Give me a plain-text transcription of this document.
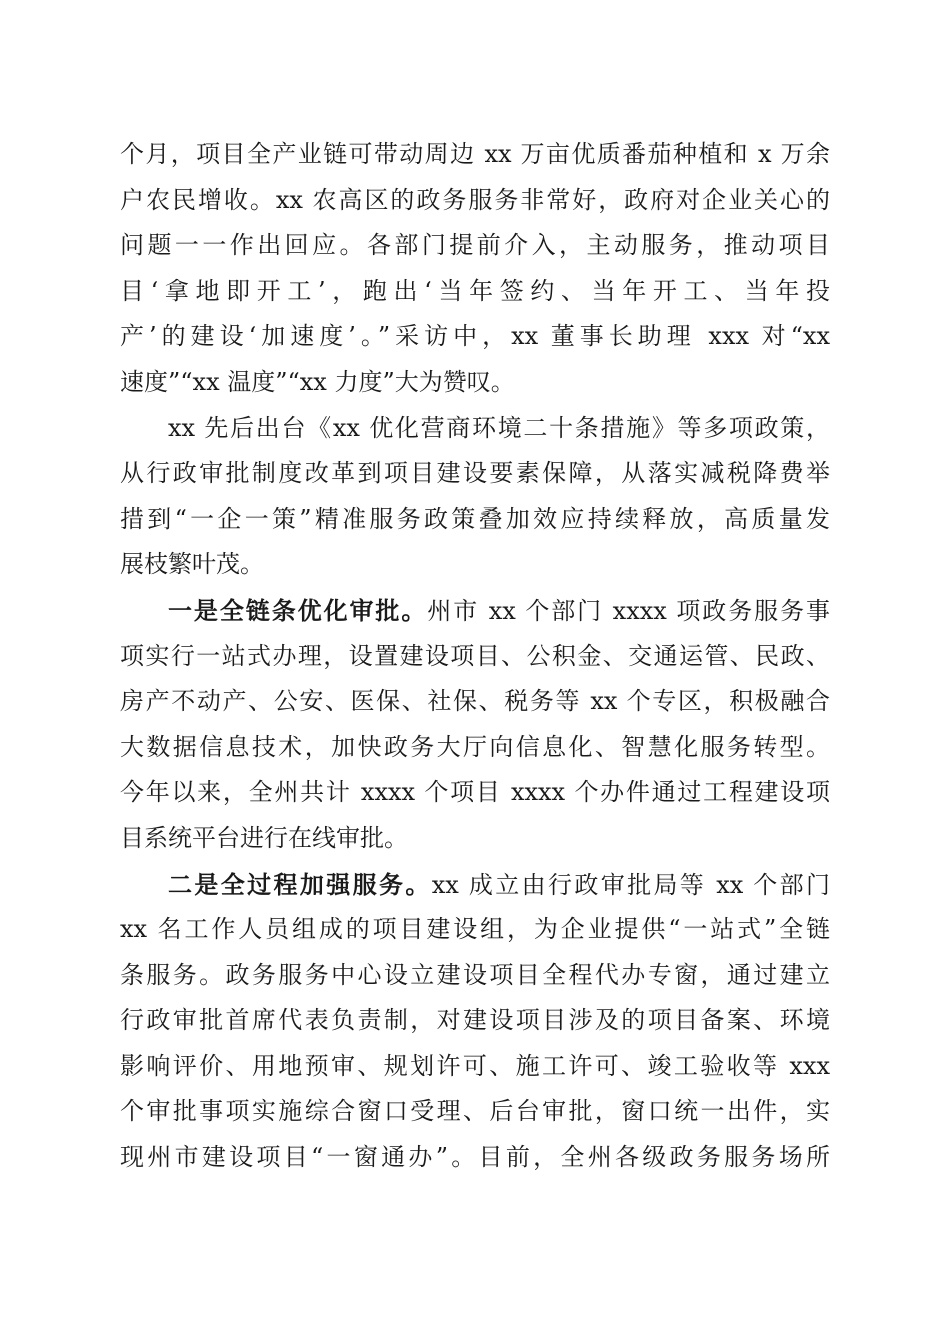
个月，项目全产业链可带动周边 xx 万亩优质番茄种植和 x 万余
户农民增收。xx 农高区的政务服务非常好，政府对企业关心的
问题一一作出回应。各部门提前介入，主动服务，推动项目
目‘拿地即开工’，跑出‘当年签约、当年开工、当年投
产’的建设‘加速度’。”采访中，xx 董事长助理 xxx 对“xx
速度”“xx 温度”“xx 力度”大为赞叹。
xx 先后出台《xx 优化营商环境二十条措施》等多项政策，
从行政审批制度改革到项目建设要素保障，从落实减税降费举
措到“一企一策”精准服务政策叠加效应持续释放，高质量发
展枝繁叶茂。
一是全链条优化审批。州市 xx 个部门 xxxx 项政务服务事
项实行一站式办理，设置建设项目、公积金、交通运管、民政、
房产不动产、公安、医保、社保、税务等 xx 个专区，积极融合
大数据信息技术，加快政务大厅向信息化、智慧化服务转型。
今年以来，全州共计 xxxx 个项目 xxxx 个办件通过工程建设项
目系统平台进行在线审批。
二是全过程加强服务。xx 成立由行政审批局等 xx 个部门
xx 名工作人员组成的项目建设组，为企业提供“一站式”全链
条服务。政务服务中心设立建设项目全程代办专窗，通过建立
行政审批首席代表负责制，对建设项目涉及的项目备案、环境
影响评价、用地预审、规划许可、施工许可、竣工验收等 xxx
个审批事项实施综合窗口受理、后台审批，窗口统一出件，实
现州市建设项目“一窗通办”。目前，全州各级政务服务场所
